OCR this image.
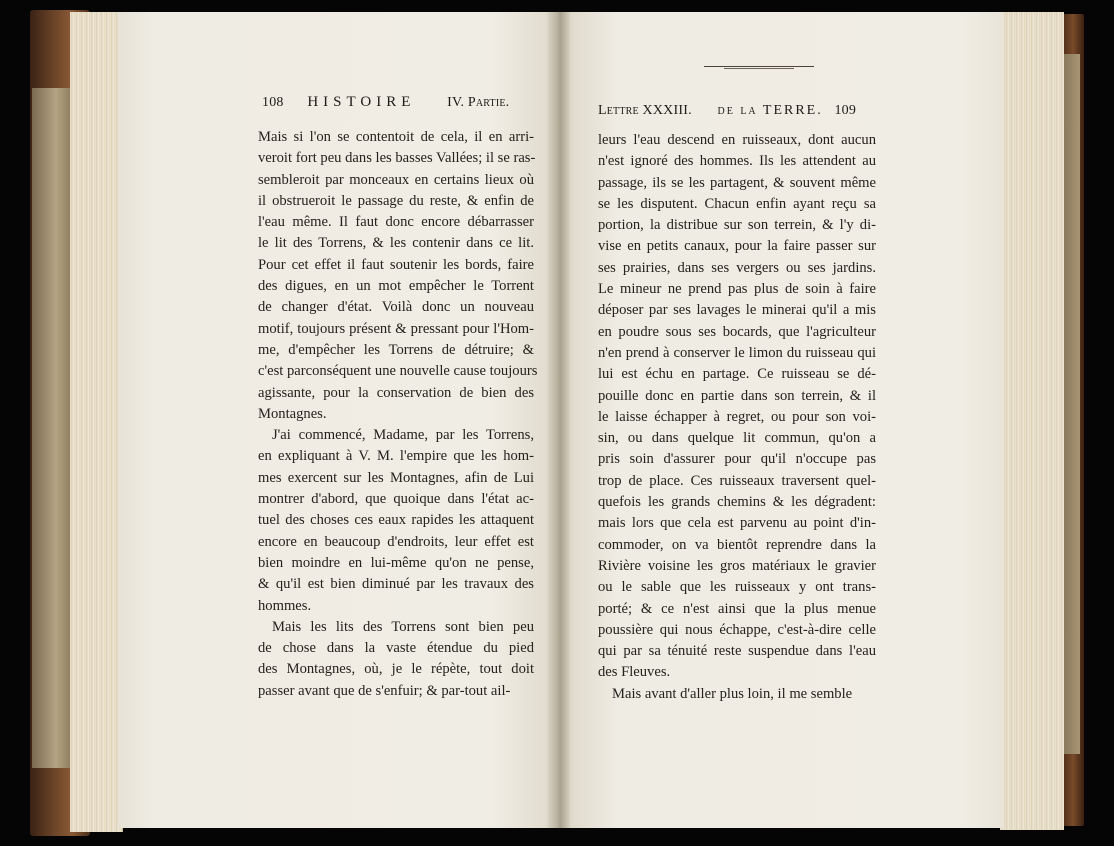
108 HISTOIRE IV. Partie.
Lettre XXXIII. de la TERRE. 109
Mais si l'on se contentoit de cela, il en arri-
veroit fort peu dans les basses Vallées; il se ras-
sembleroit par monceaux en certains lieux où
il obstrueroit le passage du reste, & enfin de
l'eau même. Il faut donc encore débarrasser
le lit des Torrens, & les contenir dans ce lit.
Pour cet effet il faut soutenir les bords, faire
des digues, en un mot empêcher le Torrent
de changer d'état. Voilà donc un nouveau
motif, toujours présent & pressant pour l'Hom-
me, d'empêcher les Torrens de détruire; &
c'est parconséquent une nouvelle cause toujours
agissante, pour la conservation de bien des
Montagnes.
J'ai commencé, Madame, par les Torrens,
en expliquant à V. M. l'empire que les hom-
mes exercent sur les Montagnes, afin de Lui
montrer d'abord, que quoique dans l'état ac-
tuel des choses ces eaux rapides les attaquent
encore en beaucoup d'endroits, leur effet est
bien moindre en lui-même qu'on ne pense,
& qu'il est bien diminué par les travaux des
hommes.
Mais les lits des Torrens sont bien peu
de chose dans la vaste étendue du pied
des Montagnes, où, je le répète, tout doit
passer avant que de s'enfuir; & par-tout ail-
leurs l'eau descend en ruisseaux, dont aucun
n'est ignoré des hommes. Ils les attendent au
passage, ils se les partagent, & souvent même
se les disputent. Chacun enfin ayant reçu sa
portion, la distribue sur son terrein, & l'y di-
vise en petits canaux, pour la faire passer sur
ses prairies, dans ses vergers ou ses jardins.
Le mineur ne prend pas plus de soin à faire
déposer par ses lavages le minerai qu'il a mis
en poudre sous ses bocards, que l'agriculteur
n'en prend à conserver le limon du ruisseau qui
lui est échu en partage. Ce ruisseau se dé-
pouille donc en partie dans son terrein, & il
le laisse échapper à regret, ou pour son voi-
sin, ou dans quelque lit commun, qu'on a
pris soin d'assurer pour qu'il n'occupe pas
trop de place. Ces ruisseaux traversent quel-
quefois les grands chemins & les dégradent:
mais lors que cela est parvenu au point d'in-
commoder, on va bientôt reprendre dans la
Rivière voisine les gros matériaux le gravier
ou le sable que les ruisseaux y ont trans-
porté; & ce n'est ainsi que la plus menue
poussière qui nous échappe, c'est-à-dire celle
qui par sa ténuité reste suspendue dans l'eau
des Fleuves.
Mais avant d'aller plus loin, il me semble
